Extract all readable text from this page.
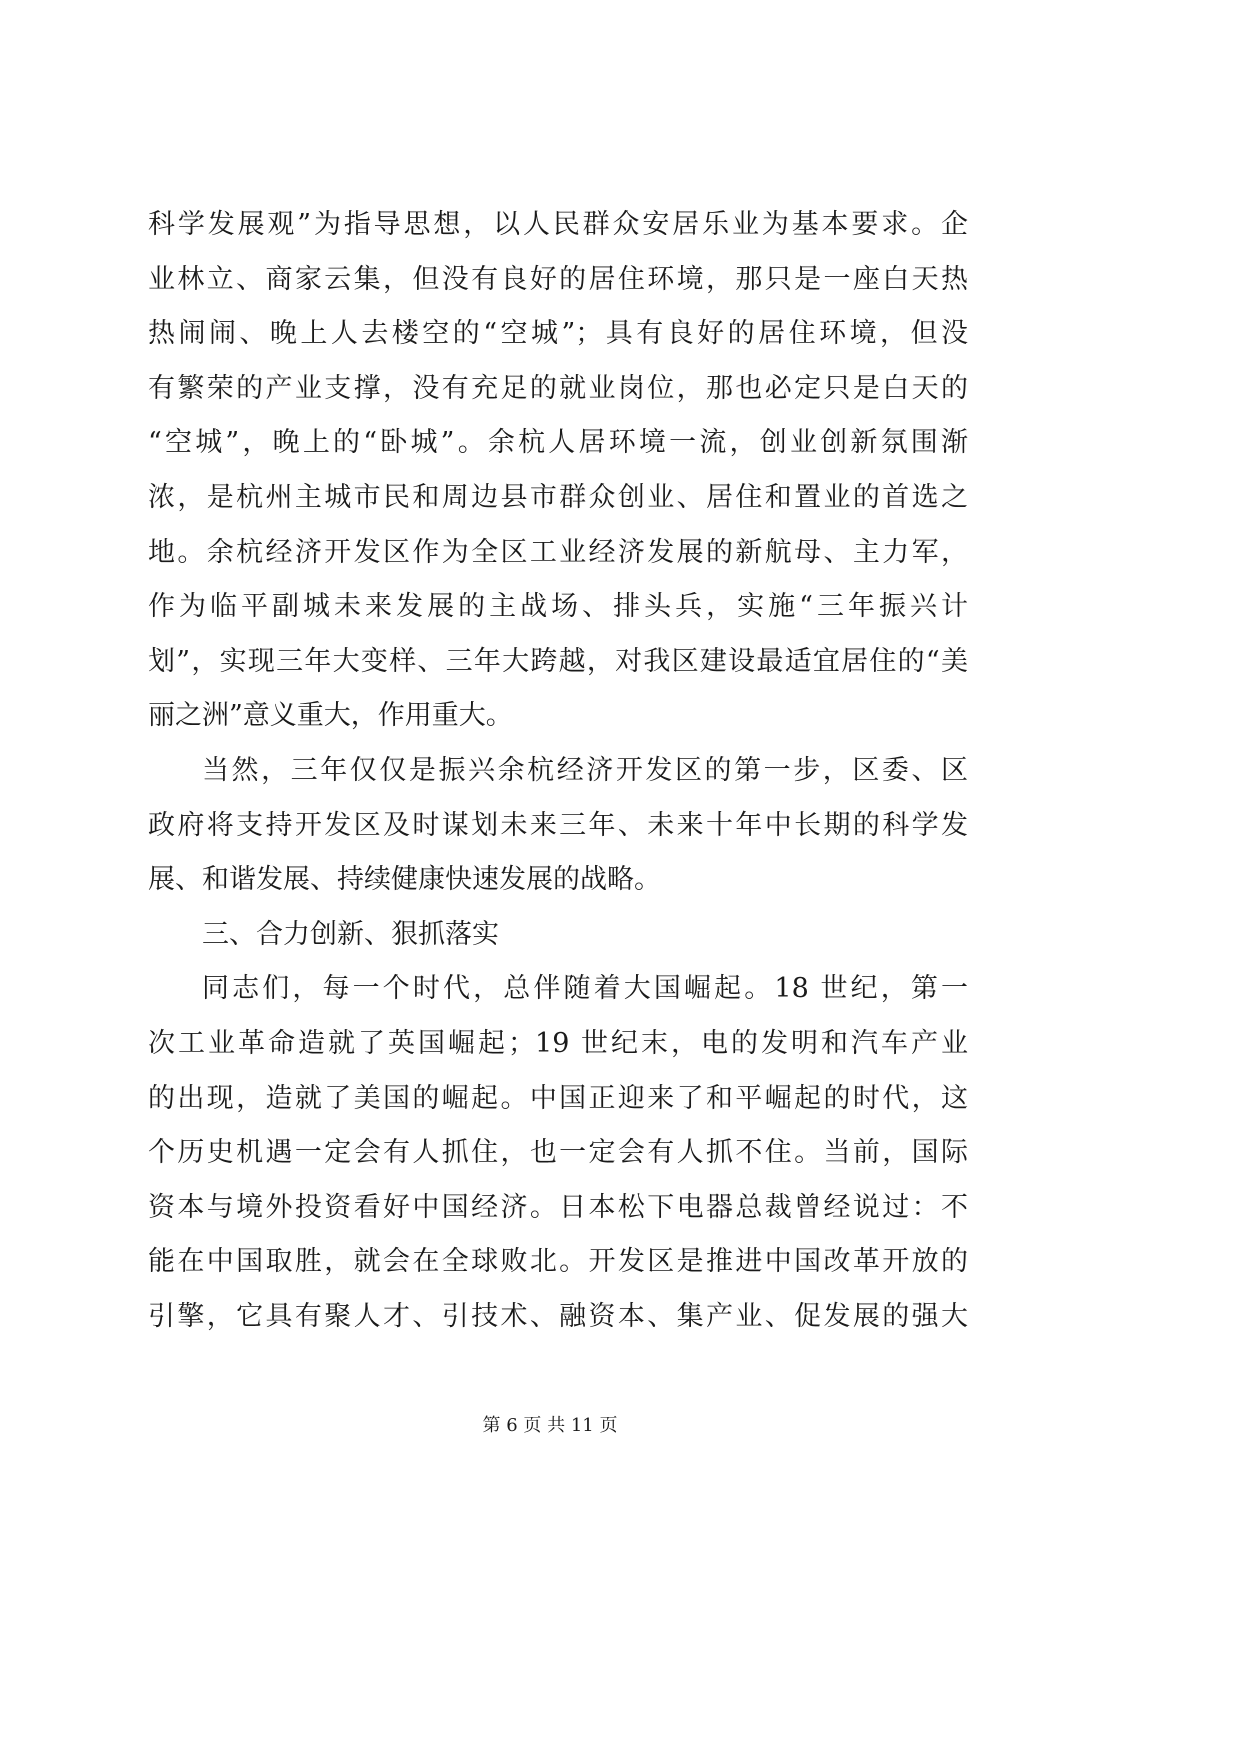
科学发展观”为指导思想，以人民群众安居乐业为基本要求。企
业林立、商家云集，但没有良好的居住环境，那只是一座白天热
热闹闹、晚上人去楼空的“空城”；具有良好的居住环境，但没
有繁荣的产业支撑，没有充足的就业岗位，那也必定只是白天的
“空城”，晚上的“卧城”。余杭人居环境一流，创业创新氛围渐
浓，是杭州主城市民和周边县市群众创业、居住和置业的首选之
地。余杭经济开发区作为全区工业经济发展的新航母、主力军，
作为临平副城未来发展的主战场、排头兵，实施“三年振兴计
划”，实现三年大变样、三年大跨越，对我区建设最适宜居住的“美
丽之洲”意义重大，作用重大。
当然，三年仅仅是振兴余杭经济开发区的第一步，区委、区
政府将支持开发区及时谋划未来三年、未来十年中长期的科学发
展、和谐发展、持续健康快速发展的战略。
三、合力创新、狠抓落实
同志们，每一个时代，总伴随着大国崛起。18 世纪，第一
次工业革命造就了英国崛起；19 世纪末，电的发明和汽车产业
的出现，造就了美国的崛起。中国正迎来了和平崛起的时代，这
个历史机遇一定会有人抓住，也一定会有人抓不住。当前，国际
资本与境外投资看好中国经济。日本松下电器总裁曾经说过：不
能在中国取胜，就会在全球败北。开发区是推进中国改革开放的
引擎，它具有聚人才、引技术、融资本、集产业、促发展的强大
第 6 页 共 11 页
